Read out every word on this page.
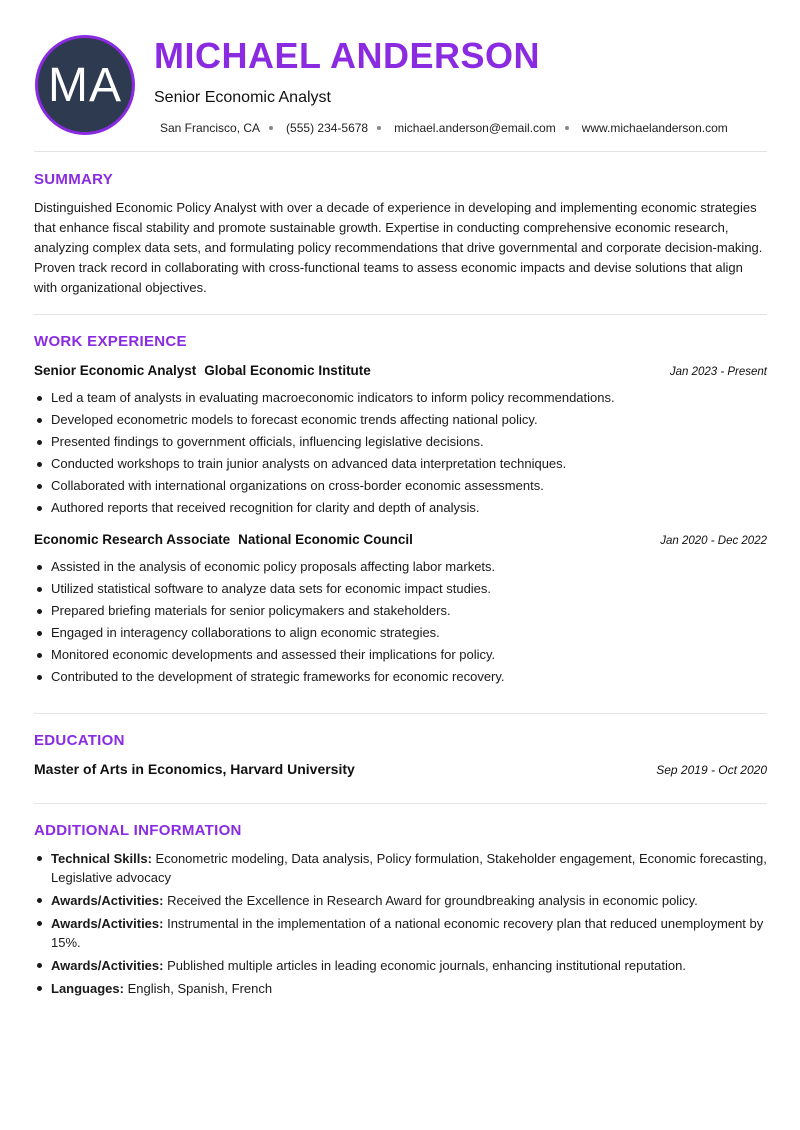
MA
MICHAEL ANDERSON
Senior Economic Analyst
San Francisco, CA (555) 234-5678 michael.anderson@email.com www.michaelanderson.com
SUMMARY

Distinguished Economic Policy Analyst with over a decade of experience in developing and implementing economic strategies that enhance fiscal stability and promote sustainable growth. Expertise in conducting comprehensive economic research, analyzing complex data sets, and formulating policy recommendations that drive governmental and corporate decision-making. Proven track record in collaborating with cross-functional teams to assess economic impacts and devise solutions that align with organizational objectives.

WORK EXPERIENCE
Senior Economic Analyst Global Economic Institute	Jan 2023 - Present
Led a team of analysts in evaluating macroeconomic indicators to inform policy recommendations.
Developed econometric models to forecast economic trends affecting national policy.
Presented findings to government officials, influencing legislative decisions.
Conducted workshops to train junior analysts on advanced data interpretation techniques.
Collaborated with international organizations on cross-border economic assessments.
Authored reports that received recognition for clarity and depth of analysis.
Economic Research Associate National Economic Council	Jan 2020 - Dec 2022
Assisted in the analysis of economic policy proposals affecting labor markets.
Utilized statistical software to analyze data sets for economic impact studies.
Prepared briefing materials for senior policymakers and stakeholders.
Engaged in interagency collaborations to align economic strategies.
Monitored economic developments and assessed their implications for policy.
Contributed to the development of strategic frameworks for economic recovery.
EDUCATION
Master of Arts in Economics, Harvard University	Sep 2019 - Oct 2020
ADDITIONAL INFORMATION
Technical Skills: Econometric modeling, Data analysis, Policy formulation, Stakeholder engagement, Economic forecasting, Legislative advocacy
Awards/Activities: Received the Excellence in Research Award for groundbreaking analysis in economic policy.
Awards/Activities: Instrumental in the implementation of a national economic recovery plan that reduced unemployment by 15%.
Awards/Activities: Published multiple articles in leading economic journals, enhancing institutional reputation.
Languages: English, Spanish, French
